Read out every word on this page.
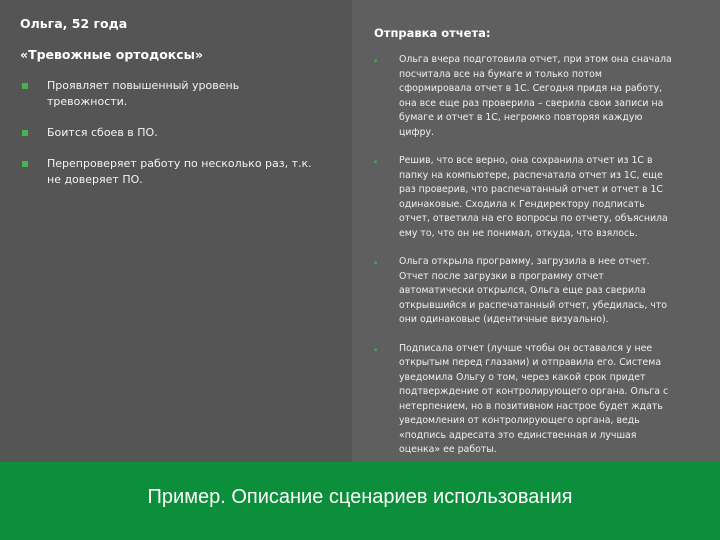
Ольга, 52 года
«Тревожные ортодоксы»
Проявляет повышенный уровень тревожности.
Боится сбоев в ПО.
Перепроверяет работу по несколько раз, т.к. не доверяет ПО.
Отправка отчета:
• Ольга вчера подготовила отчет, при этом она сначала посчитала все на бумаге и только потом сформировала отчет в 1С. Сегодня придя на работу, она все еще раз проверила – сверила свои записи на бумаге и отчет в 1С, негромко повторяя каждую цифру.
• Решив, что все верно, она сохранила отчет из 1С в папку на компьютере, распечатала отчет из 1С, еще раз проверив, что распечатанный отчет и отчет в 1С одинаковые. Сходила к Гендиректору подписать отчет, ответила на его вопросы по отчету, объяснила ему то, что он не понимал, откуда, что взялось.
• Ольга открыла программу, загрузила в нее отчет. Отчет после загрузки в программу отчет автоматически открылся, Ольга еще раз сверила открывшийся и распечатанный отчет, убедилась, что они одинаковые (идентичные визуально).
• Подписала отчет (лучше чтобы он оставался у нее открытым перед глазами) и отправила его. Система уведомила Ольгу о том, через какой срок придет подтверждение от контролирующего органа. Ольга с нетерпением, но в позитивном настрое будет ждать уведомления от контролирующего органа, ведь «подпись адресата это единственная и лучшая оценка» ее работы.
Пример. Описание сценариев использования
